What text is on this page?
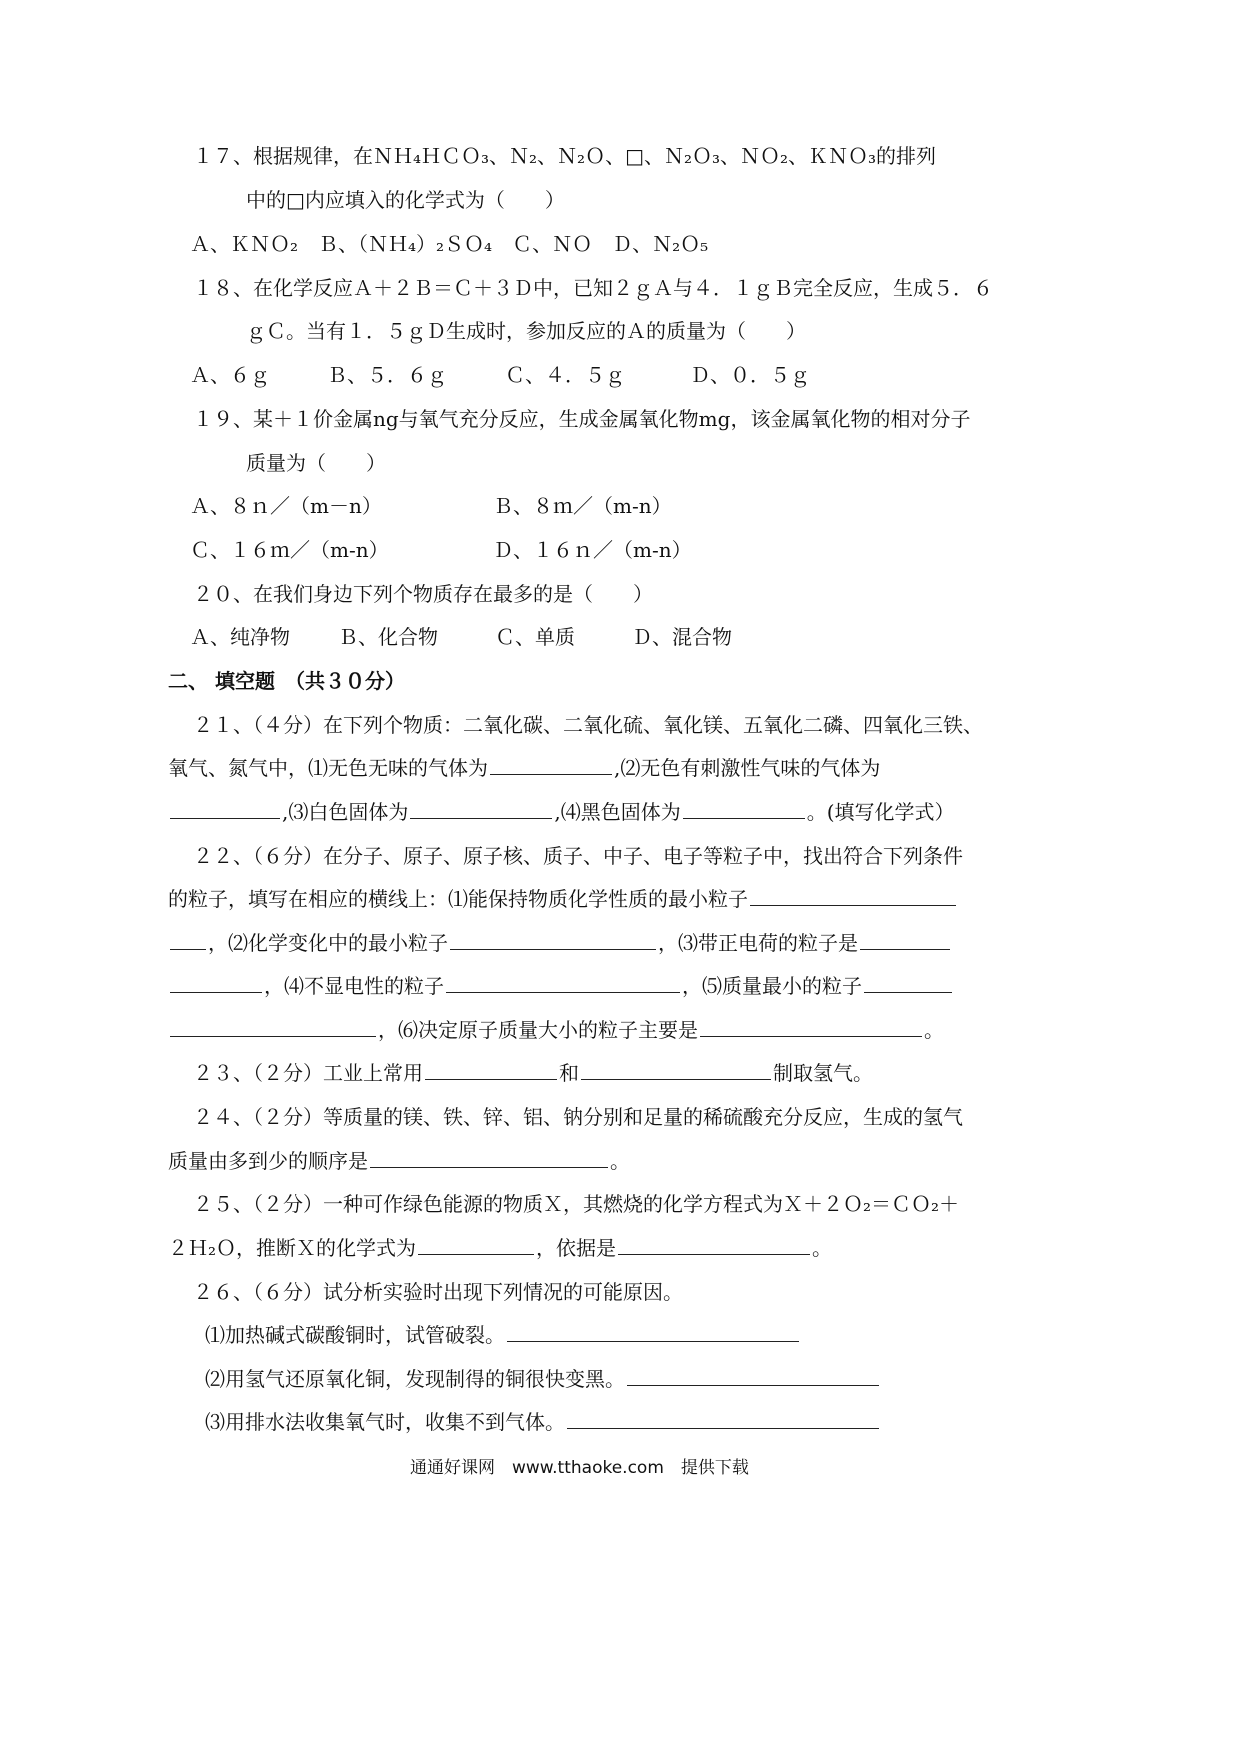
１７、根据规律，在ＮＨ₄ＨＣＯ₃、Ｎ₂、Ｎ₂Ｏ、□、Ｎ₂Ｏ₃、ＮＯ₂、ＫＮＯ₃的排列
中的□内应填入的化学式为（　　）
Ａ、ＫＮＯ₂　Ｂ、（ＮＨ₄）₂ＳＯ₄　Ｃ、ＮＯ　Ｄ、Ｎ₂Ｏ₅
１８、在化学反应Ａ＋２Ｂ＝Ｃ＋３Ｄ中，已知２ｇＡ与４．１ｇＢ完全反应，生成５．６
ｇＣ。当有１．５ｇＤ生成时，参加反应的Ａ的质量为（　　）
Ａ、６ｇ	Ｂ、５．６ｇ	Ｃ、４．５ｇ	Ｄ、０．５ｇ
１９、某＋１价金属ng与氧气充分反应，生成金属氧化物mg，该金属氧化物的相对分子
质量为（　　）
Ａ、８ｎ／（m－n）	Ｂ、８ｍ／（m-n）
Ｃ、１６ｍ／（m-n）	Ｄ、１６ｎ／（m-n）
２０、在我们身边下列个物质存在最多的是（　　）
Ａ、纯净物 Ｂ、化合物	Ｃ、单质	Ｄ、混合物
二、 填空题　（共３０分）
２１、（４分）在下列个物质：二氧化碳、二氧化硫、氧化镁、五氧化二磷、四氧化三铁、
氧气、氮气中，⑴无色无味的气体为	,⑵无色有刺激性气味的气体为
,⑶白色固体为	,⑷黑色固体为	。(填写化学式）
２２、（６分）在分子、原子、原子核、质子、中子、电子等粒子中，找出符合下列条件
的粒子，填写在相应的横线上：⑴能保持物质化学性质的最小粒子
，⑵化学变化中的最小粒子	，⑶带正电荷的粒子是
，⑷不显电性的粒子	，⑸质量最小的粒子
，⑹决定原子质量大小的粒子主要是	。
２３、（２分）工业上常用	和	制取氢气。
２４、（２分）等质量的镁、铁、锌、铝、钠分别和足量的稀硫酸充分反应，生成的氢气
质量由多到少的顺序是	。
２５、（２分）一种可作绿色能源的物质Ｘ，其燃烧的化学方程式为Ｘ＋２Ｏ₂＝ＣＯ₂＋
２Ｈ₂Ｏ，推断Ｘ的化学式为	，依据是	。
２６、（６分）试分析实验时出现下列情况的可能原因。
⑴加热碱式碳酸铜时，试管破裂。
⑵用氢气还原氧化铜，发现制得的铜很快变黑。
⑶用排水法收集氧气时，收集不到气体。
通通好课网　www.tthaoke.com　提供下载
